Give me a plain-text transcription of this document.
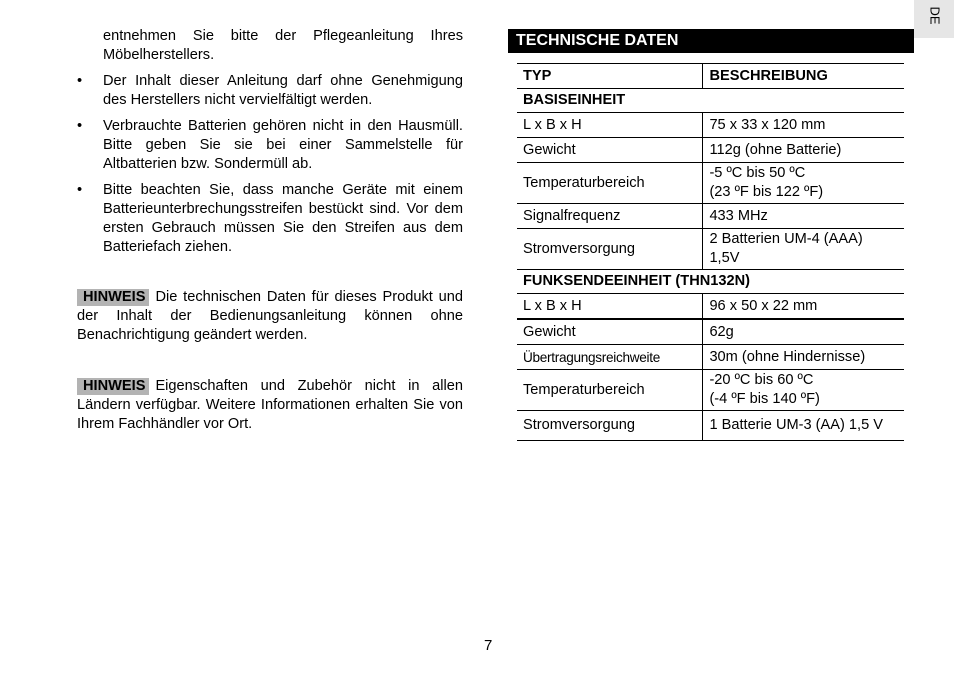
entnehmen Sie bitte der Pflegeanleitung Ihres Möbelherstellers.
• Der Inhalt dieser Anleitung darf ohne Genehmigung des Herstellers nicht vervielfältigt werden.
• Verbrauchte Batterien gehören nicht in den Hausmüll. Bitte geben Sie sie bei einer Sammelstelle für Altbatterien bzw. Sondermüll ab.
• Bitte beachten Sie, dass manche Geräte mit einem Batterieunterbrechungsstreifen bestückt sind. Vor dem ersten Gebrauch müssen Sie den Streifen aus dem Batteriefach ziehen.
HINWEIS Die technischen Daten für dieses Produkt und der Inhalt der Bedienungsanleitung können ohne Benachrichtigung geändert werden.
HINWEIS Eigenschaften und Zubehör nicht in allen Ländern verfügbar. Weitere Informationen erhalten Sie von Ihrem Fachhändler vor Ort.
TECHNISCHE DATEN
TYP	BESCHREIBUNG
BASISEINHEIT	
L x B x H	75 x 33 x 120 mm
Gewicht	112g (ohne Batterie)
Temperaturbereich	-5 ºC bis 50 ºC
(23 ºF bis 122 ºF)

Signalfrequenz	433 MHz
Stromversorgung	2 Batterien UM-4 (AAA)
1,5V

FUNKSENDEEINHEIT (THN132N)	
L x B x H	96 x 50 x 22 mm
Gewicht	62g
Übertragungsreichweite	30m (ohne Hindernisse)
Temperaturbereich	-20 ºC bis 60 ºC
(-4 ºF bis 140 ºF)

Stromversorgung	1 Batterie UM-3 (AA) 1,5 V
DE
7
